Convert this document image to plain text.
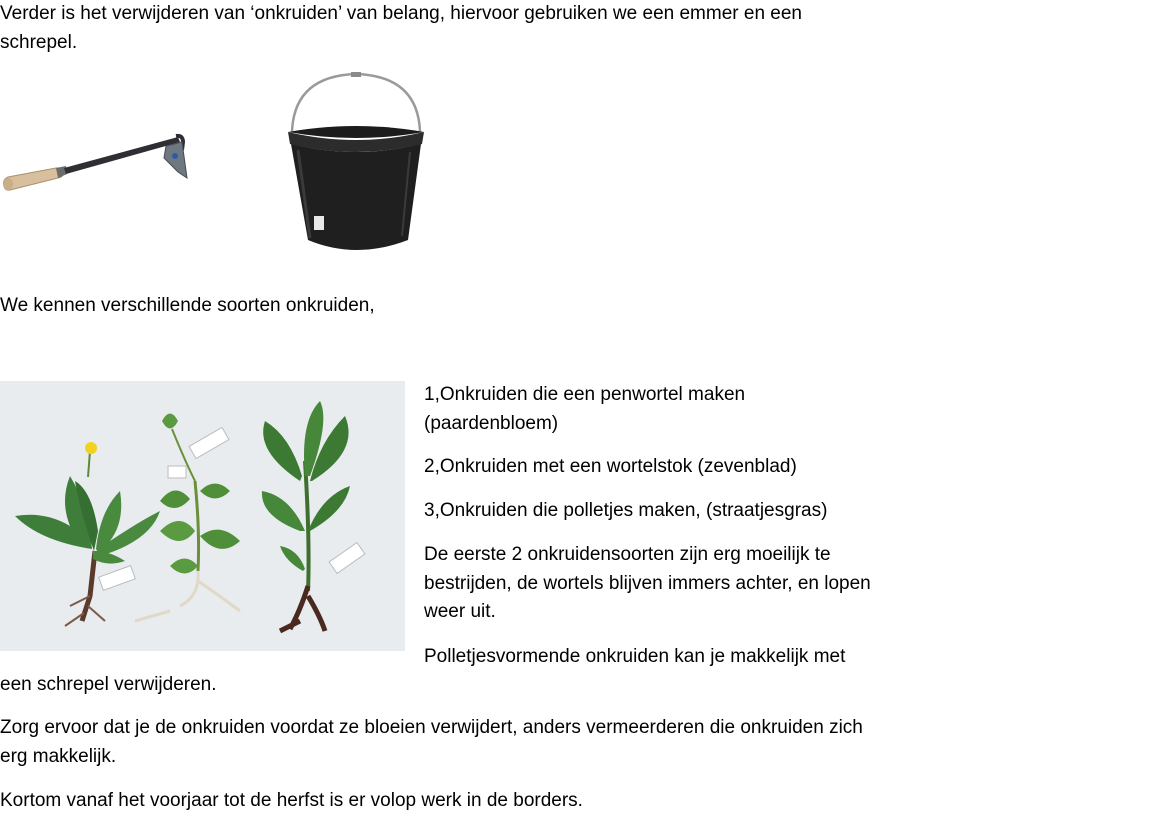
Verder is het verwijderen van ‘onkruiden’ van belang, hiervoor gebruiken we een emmer en een schrepel.

We kennen verschillende soorten onkruiden,

1,Onkruiden die een penwortel maken (paardenbloem)

2,Onkruiden met een wortelstok (zevenblad)

3,Onkruiden die polletjes maken, (straatjesgras)

De eerste 2 onkruidensoorten zijn erg moeilijk te bestrijden, de wortels blijven immers achter, en lopen weer uit.

Polletjesvormende onkruiden kan je makkelijk met

een schrepel verwijderen.

Zorg ervoor dat je de onkruiden voordat ze bloeien verwijdert, anders vermeerderen die onkruiden zich erg makkelijk.

Kortom vanaf het voorjaar tot de herfst is er volop werk in de borders.
